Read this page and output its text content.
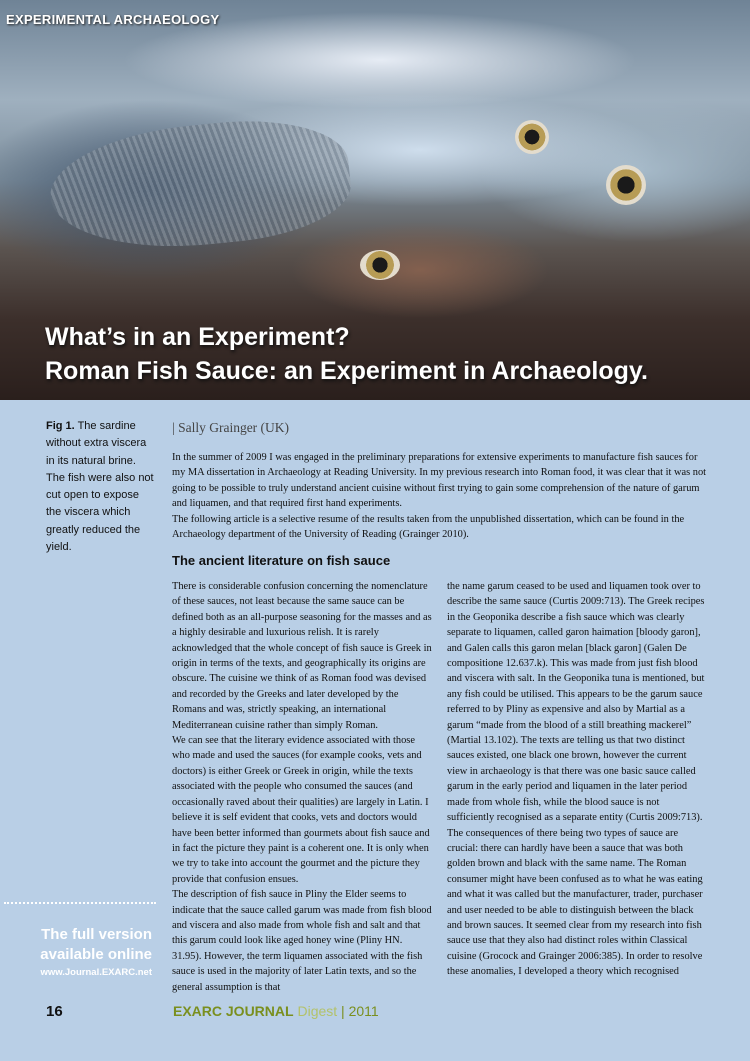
EXPERIMENTAL ARCHAEOLOGY
What’s in an Experiment?
Roman Fish Sauce: an Experiment in Archaeology.
Fig 1. The sardine without extra viscera in its natural brine. The fish were also not cut open to expose the viscera which greatly reduced the yield.
| Sally Grainger (UK)

In the summer of 2009 I was engaged in the preliminary preparations for extensive experiments to manufacture fish sauces for my MA dissertation in Archaeology at Reading University. In my previous research into Roman food, it was clear that it was not going to be possible to truly understand ancient cuisine without first trying to gain some comprehension of the nature of garum and liquamen, and that required first hand experiments.

The following article is a selective resume of the results taken from the unpublished dissertation, which can be found in the Archaeology department of the University of Reading (Grainger 2010).

The ancient literature on fish sauce

There is considerable confusion concerning the nomenclature of these sauces, not least because the same sauce can be defined both as an all-purpose seasoning for the masses and as a highly desirable and luxurious relish. It is rarely acknowledged that the whole concept of fish sauce is Greek in origin in terms of the texts, and geographically its origins are obscure. The cuisine we think of as Roman food was devised and recorded by the Greeks and later developed by the Romans and was, strictly speaking, an international Mediterranean cuisine rather than simply Roman.

We can see that the literary evidence associated with those who made and used the sauces (for example cooks, vets and doctors) is either Greek or Greek in origin, while the texts associated with the people who consumed the sauces (and occasionally raved about their qualities) are largely in Latin. I believe it is self evident that cooks, vets and doctors would have been better informed than gourmets about fish sauce and in fact the picture they paint is a coherent one. It is only when we try to take into account the gourmet and the picture they provide that confusion ensues.

The description of fish sauce in Pliny the Elder seems to indicate that the sauce called garum was made from fish blood and viscera and also made from whole fish and salt and that this garum could look like aged honey wine (Pliny HN. 31.95). However, the term liquamen associated with the fish sauce is used in the majority of later Latin texts, and so the general assumption is that

the name garum ceased to be used and liquamen took over to describe the same sauce (Curtis 2009:713). The Greek recipes in the Geoponika describe a fish sauce which was clearly separate to liquamen, called garon haimation [bloody garon], and Galen calls this garon melan [black garon] (Galen De compositione 12.637.k). This was made from just fish blood and viscera with salt. In the Geoponika tuna is mentioned, but any fish could be utilised. This appears to be the garum sauce referred to by Pliny as expensive and also by Martial as a garum “made from the blood of a still breathing mackerel” (Martial 13.102). The texts are telling us that two distinct sauces existed, one black one brown, however the current view in archaeology is that there was one basic sauce called garum in the early period and liquamen in the later period made from whole fish, while the blood sauce is not sufficiently recognised as a separate entity (Curtis 2009:713).

The consequences of there being two types of sauce are crucial: there can hardly have been a sauce that was both golden brown and black with the same name. The Roman consumer might have been confused as to what he was eating and what it was called but the manufacturer, trader, purchaser and user needed to be able to distinguish between the black and brown sauces. It seemed clear from my research into fish sauce use that they also had distinct roles within Classical cuisine (Grocock and Grainger 2006:385). In order to resolve these anomalies, I developed a theory which recognised

The full version
available online
www.Journal.EXARC.net
16	EXARC JOURNAL Digest | 2011
